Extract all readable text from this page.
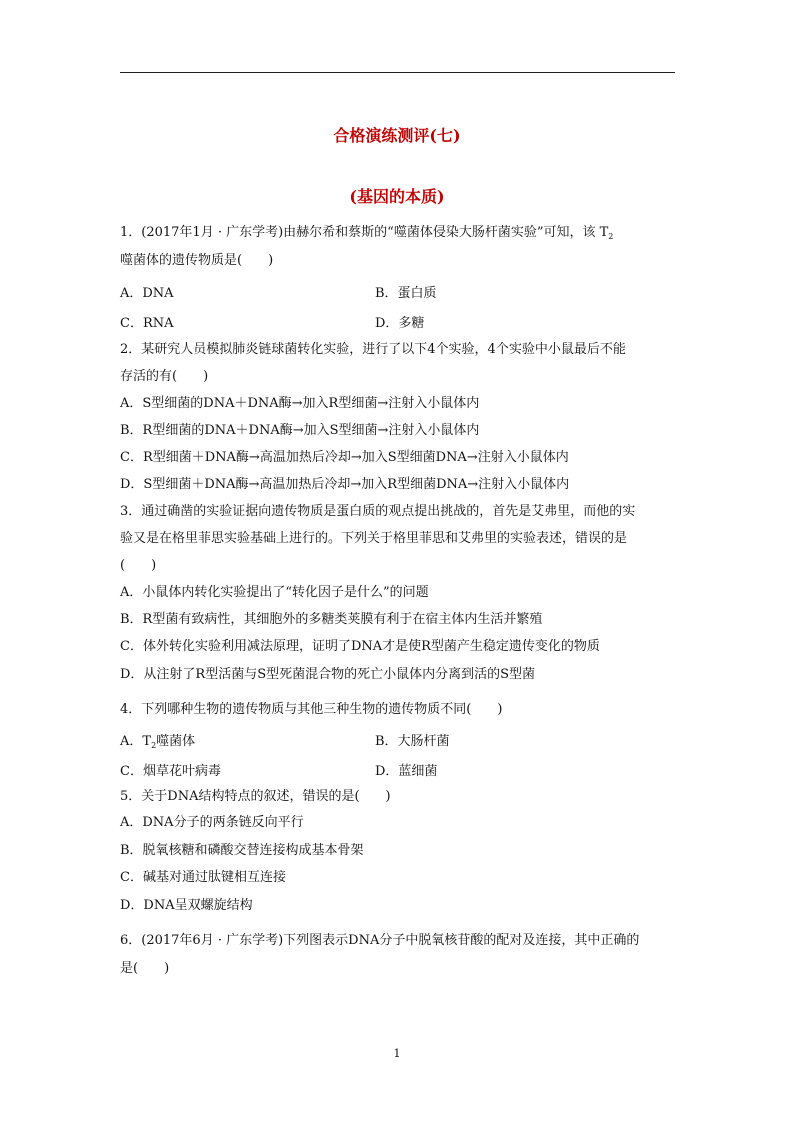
合格演练测评(七)
(基因的本质)
1．(2017年1月 · 广东学考)由赫尔希和蔡斯的“噬菌体侵染大肠杆菌实验”可知，该 $T_2$
噬菌体的遗传物质是(　　)
A．DNA	B．蛋白质
C．RNA	D．多糖
2．某研究人员模拟肺炎链球菌转化实验，进行了以下4个实验，4个实验中小鼠最后不能
存活的有(　　)
A．S型细菌的DNA＋DNA酶→加入R型细菌→注射入小鼠体内
B．R型细菌的DNA＋DNA酶→加入S型细菌→注射入小鼠体内
C．R型细菌＋DNA酶→高温加热后冷却→加入S型细菌DNA→注射入小鼠体内
D．S型细菌＋DNA酶→高温加热后冷却→加入R型细菌DNA→注射入小鼠体内
3．通过确凿的实验证据向遗传物质是蛋白质的观点提出挑战的，首先是艾弗里，而他的实
验又是在格里菲思实验基础上进行的。下列关于格里菲思和艾弗里的实验表述，错误的是
(　　)
A．小鼠体内转化实验提出了“转化因子是什么”的问题
B．R型菌有致病性，其细胞外的多糖类荚膜有利于在宿主体内生活并繁殖
C．体外转化实验利用减法原理，证明了DNA才是使R型菌产生稳定遗传变化的物质
D．从注射了R型活菌与S型死菌混合物的死亡小鼠体内分离到活的S型菌
4．下列哪种生物的遗传物质与其他三种生物的遗传物质不同(　　)
A．$T_2$噬菌体	B．大肠杆菌
C．烟草花叶病毒	D．蓝细菌
5．关于DNA结构特点的叙述，错误的是(　　)
A．DNA分子的两条链反向平行
B．脱氧核糖和磷酸交替连接构成基本骨架
C．碱基对通过肽键相互连接
D．DNA呈双螺旋结构
6．(2017年6月 · 广东学考)下列图表示DNA分子中脱氧核苷酸的配对及连接，其中正确的
是(　　)
1
